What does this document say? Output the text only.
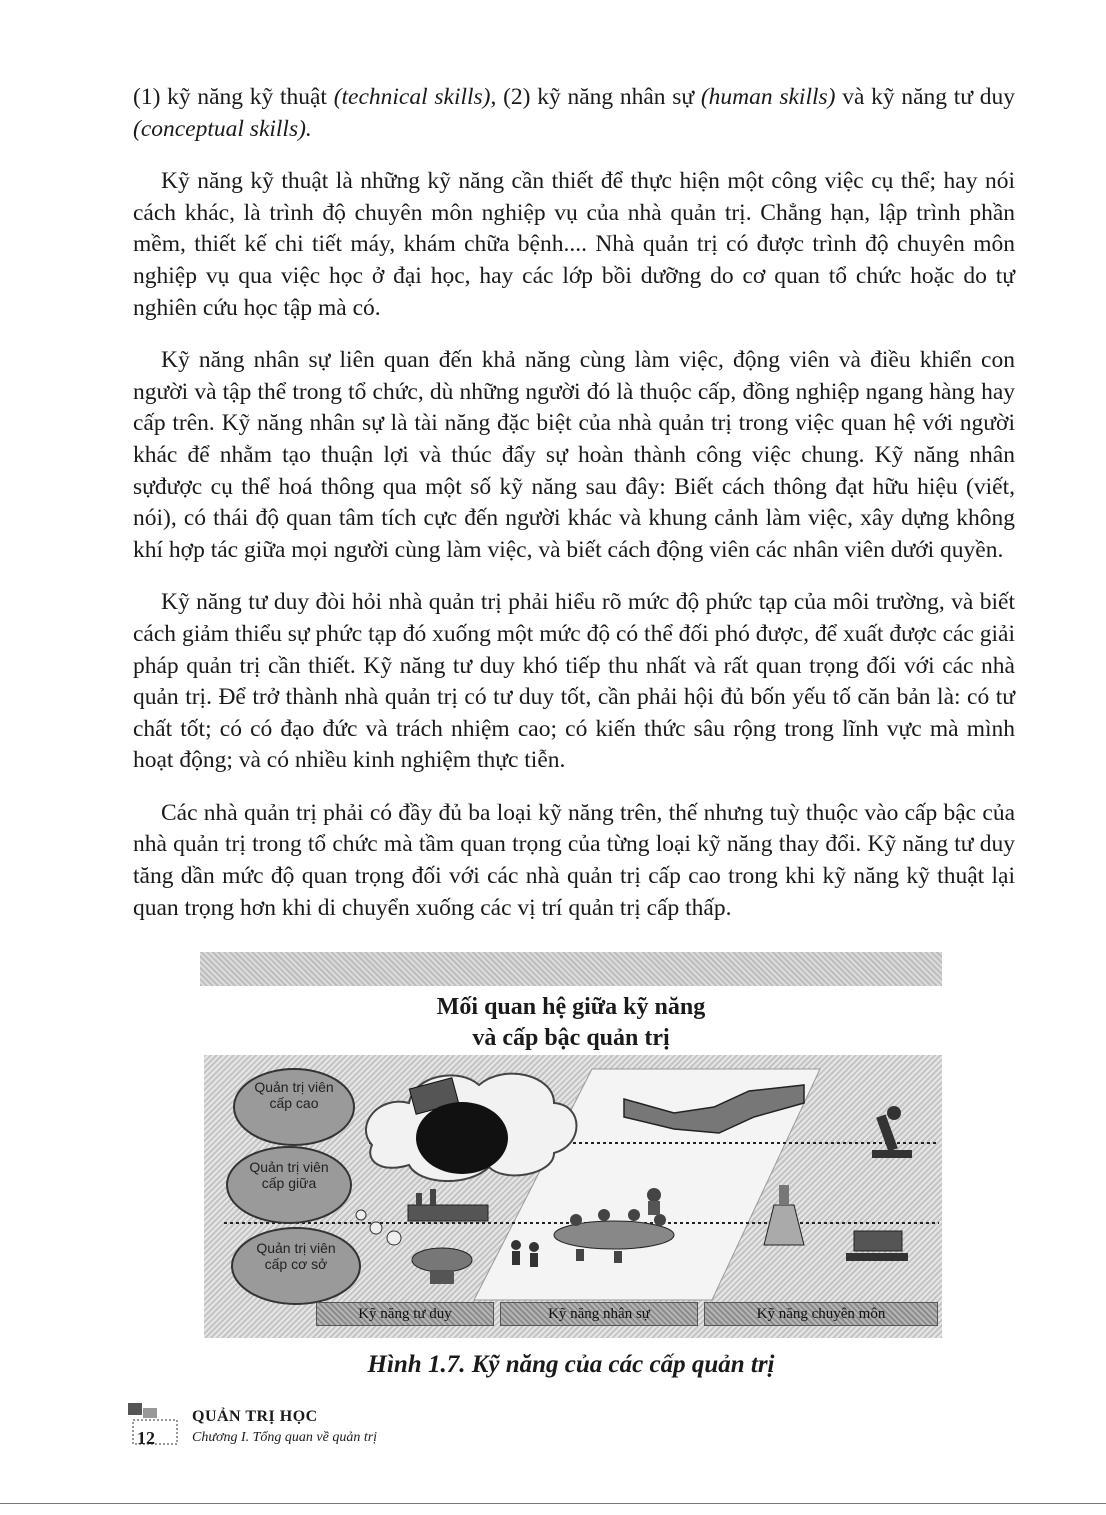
(1) kỹ năng kỹ thuật (technical skills), (2) kỹ năng nhân sự (human skills) và kỹ năng tư duy (conceptual skills).

Kỹ năng kỹ thuật là những kỹ năng cần thiết để thực hiện một công việc cụ thể; hay nói cách khác, là trình độ chuyên môn nghiệp vụ của nhà quản trị. Chẳng hạn, lập trình phần mềm, thiết kế chi tiết máy, khám chữa bệnh.... Nhà quản trị có được trình độ chuyên môn nghiệp vụ qua việc học ở đại học, hay các lớp bồi dưỡng do cơ quan tổ chức hoặc do tự nghiên cứu học tập mà có.

Kỹ năng nhân sự liên quan đến khả năng cùng làm việc, động viên và điều khiển con người và tập thể trong tổ chức, dù những người đó là thuộc cấp, đồng nghiệp ngang hàng hay cấp trên. Kỹ năng nhân sự là tài năng đặc biệt của nhà quản trị trong việc quan hệ với người khác để nhằm tạo thuận lợi và thúc đẩy sự hoàn thành công việc chung. Kỹ năng nhân sựđược cụ thể hoá thông qua một số kỹ năng sau đây: Biết cách thông đạt hữu hiệu (viết, nói), có thái độ quan tâm tích cực đến người khác và khung cảnh làm việc, xây dựng không khí hợp tác giữa mọi người cùng làm việc, và biết cách động viên các nhân viên dưới quyền.

Kỹ năng tư duy đòi hỏi nhà quản trị phải hiểu rõ mức độ phức tạp của môi trường, và biết cách giảm thiểu sự phức tạp đó xuống một mức độ có thể đối phó được, để xuất được các giải pháp quản trị cần thiết. Kỹ năng tư duy khó tiếp thu nhất và rất quan trọng đối với các nhà quản trị. Để trở thành nhà quản trị có tư duy tốt, cần phải hội đủ bốn yếu tố căn bản là: có tư chất tốt; có có đạo đức và trách nhiệm cao; có kiến thức sâu rộng trong lĩnh vực mà mình hoạt động; và có nhiều kinh nghiệm thực tiễn.

Các nhà quản trị phải có đầy đủ ba loại kỹ năng trên, thế nhưng tuỳ thuộc vào cấp bậc của nhà quản trị trong tổ chức mà tầm quan trọng của từng loại kỹ năng thay đổi. Kỹ năng tư duy tăng dần mức độ quan trọng đối với các nhà quản trị cấp cao trong khi kỹ năng kỹ thuật lại quan trọng hơn khi di chuyển xuống các vị trí quản trị cấp thấp.

Mối quan hệ giữa kỹ năng
và cấp bậc quản trị
Quản trị viên cấp cao
Quản trị viên cấp giữa
Quản trị viên cấp cơ sở
Kỹ năng tư duy	Kỹ năng nhân sự	Kỹ năng chuyên môn
Hình 1.7. Kỹ năng của các cấp quản trị
12
QUẢN TRỊ HỌC
Chương I. Tổng quan về quản trị
